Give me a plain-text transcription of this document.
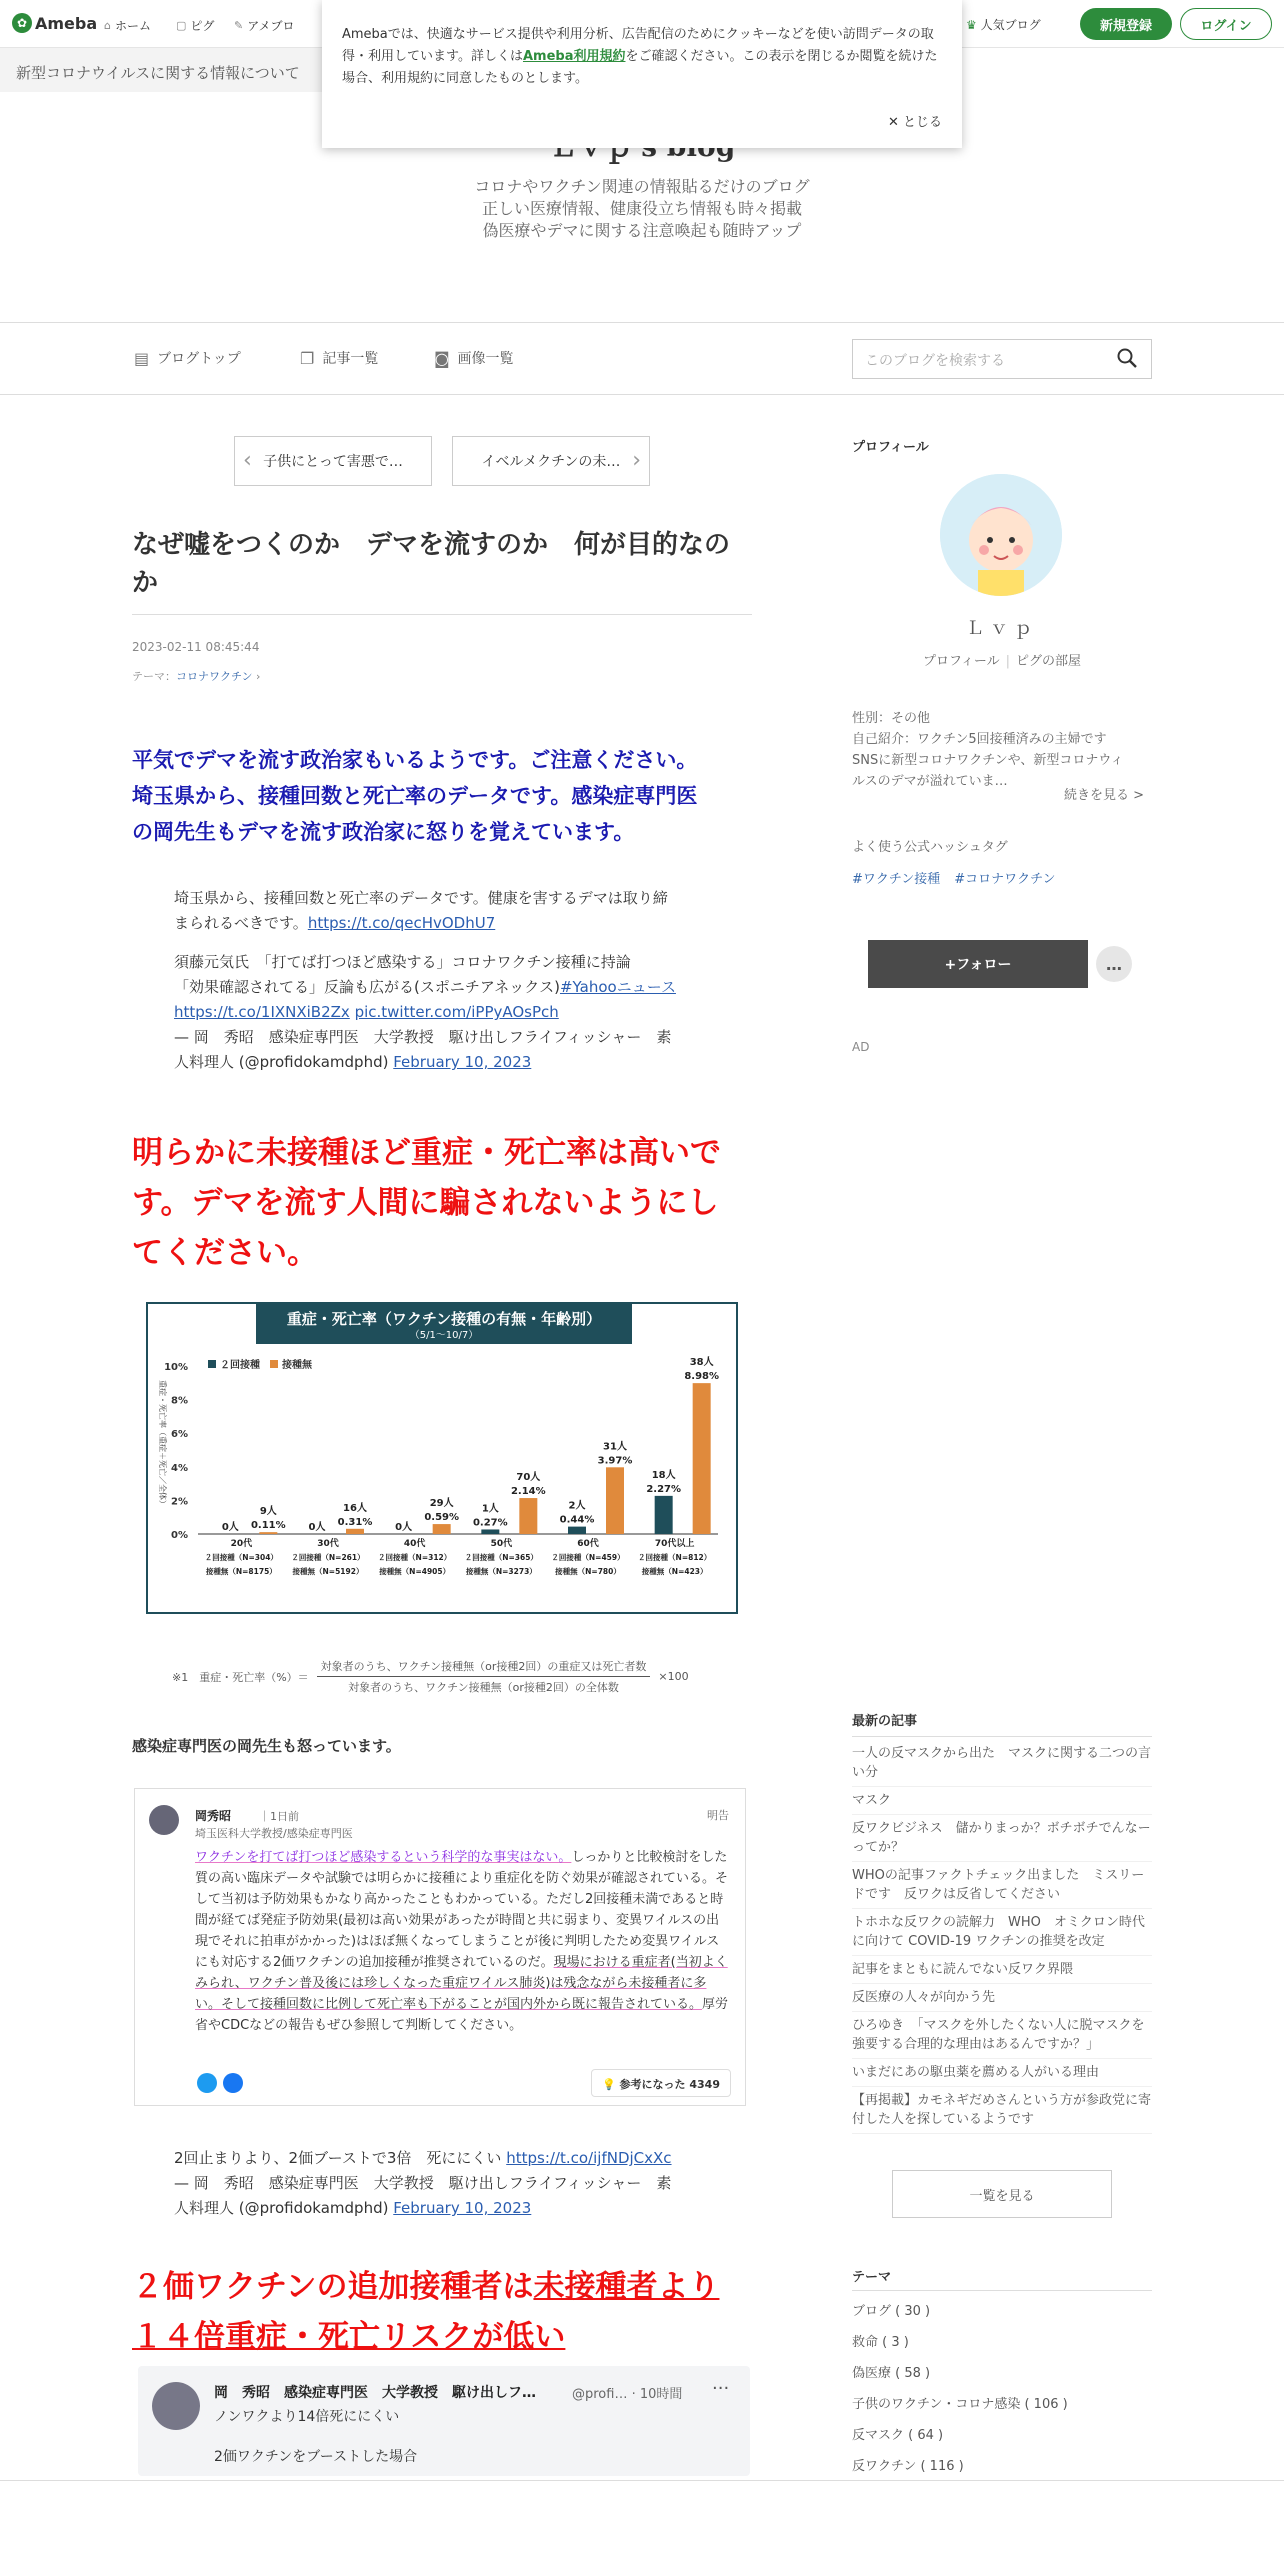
✿ Ameba ⌂ ホーム ▢ ピグ ✎ アメブロ	♛ 人気ブログ	新規登録	ログイン
新型コロナウイルスに関する情報について
Amebaでは、快適なサービス提供や利用分析、広告配信のためにクッキーなどを使い訪問データの取得・利用しています。詳しくはAmeba利用規約をご確認ください。この表示を閉じるか閲覧を続けた場合、利用規約に同意したものとします。
✕ とじる
コロナやワクチン関連の情報貼るだけのブログ
正しい医療情報、健康役立ち情報も時々掲載
偽医療やデマに関する注意喚起も随時アップ
▤ ブログトップ	❐ 記事一覧	◙ 画像一覧	このブログを検索する
‹ 子供にとって害悪で…	イベルメクチンの未… ›
なぜ嘘をつくのか　デマを流すのか　何が目的なのか
2023-02-11 08:45:44
テーマ：コロナワクチン ›
平気でデマを流す政治家もいるようです。ご注意ください。
埼玉県から、接種回数と死亡率のデータです。感染症専門医
の岡先生もデマを流す政治家に怒りを覚えています。
埼玉県から、接種回数と死亡率のデータです。健康を害するデマは取り締
まられるべきです。https://t.co/qecHvODhU7
須藤元気氏　「打てば打つほど感染する」コロナワクチン接種に持論
「効果確認されてる」反論も広がる(スポニチアネックス)#Yahooニュース
https://t.co/1IXNXiB2Zx pic.twitter.com/iPPyAOsPch
— 岡　秀昭　感染症専門医　大学教授　駆け出しフライフィッシャー　素
人料理人 (@profidokamdphd) February 10, 2023
明らかに未接種ほど重症・死亡率は高いで
す。デマを流す人間に騙されないようにし
てください。
重症・死亡率（ワクチン接種の有無・年齢別）
（5/1～10/7）
0%
2%
4%
6%
8%
10%
重症・死亡率（重症＋死亡／全体）
２回接種 接種無
0人 0.11%
9人
20代
２回接種（N=304）
接種無（N=8175）
0人 0.31%
16人
30代
２回接種（N=261）
接種無（N=5192）
0人
0.59%
29人
40代
２回接種（N=312）
接種無（N=4905）
0.27%
1人
2.14%
70人
50代
２回接種（N=365）
接種無（N=3273）
0.44%
2人
3.97%
31人
60代
２回接種（N=459）
接種無（N=780）
2.27%
18人
8.98%
38人
70代以上
２回接種（N=812）
接種無（N=423）
※1　重症・死亡率（%）＝ $\frac{\text{対象者のうち、ワクチン接種無（or接種2回）の重症又は死亡者数}}{\text{対象者のうち、ワクチン接種無（or接種2回）の全体数}} \times 100$
感染症専門医の岡先生も怒っています。
岡秀昭	｜1日前
埼玉医科大学教授/感染症専門医
明告
ワクチンを打てば打つほど感染するという科学的な事実はない。しっかりと比較検討をした質の高い臨床データや試験では明らかに接種により重症化を防ぐ効果が確認されている。そして当初は予防効果もかなり高かったこともわかっている。ただし2回接種未満であると時間が経てば発症予防効果(最初は高い効果があったが時間と共に弱まり、変異ワイルスの出現でそれに拍車がかかった)はほぼ無くなってしまうことが後に判明したため変異ワイルスにも対応する2価ワクチンの追加接種が推奨されているのだ。現場における重症者(当初よくみられ、ワクチン普及後には珍しくなった重症ワイルス肺炎)は残念ながら未接種者に多い。そして接種回数に比例して死亡率も下がることが国内外から既に報告されている。厚労省やCDCなどの報告もぜひ参照して判断してください。
💡 参考になった 4349
2回止まりより、2価ブーストで3倍　死ににくい https://t.co/ijfNDjCxXc
— 岡　秀昭　感染症専門医　大学教授　駆け出しフライフィッシャー　素
人料理人 (@profidokamdphd) February 10, 2023
２価ワクチンの追加接種者は未接種者より
１４倍重症・死亡リスクが低い
岡　秀昭　感染症専門医　大学教授　駆け出しフ…	@profi… · 10時間 ···
ノンワクより14倍死ににくい
2価ワクチンをブーストした場合
プロフィール
Ｌｖｐ
プロフィール | ピグの部屋
性別：その他
自己紹介：ワクチン5回接種済みの主婦です
SNSに新型コロナワクチンや、新型コロナウィ
ルスのデマが溢れていま…
続きを見る >
よく使う公式ハッシュタグ
#ワクチン接種 #コロナワクチン
+フォロー	…
AD
最新の記事
一人の反マスクから出た　マスクに関する二つの言い分
マスク
反ワクビジネス　儲かりまっか？ボチボチでんなーってか？
WHOの記事ファクトチェック出ました　ミスリードです　反ワクは反省してください
トホホな反ワクの読解力　WHO　オミクロン時代に向けて COVID-19 ワクチンの推奨を改定
記事をまともに読んでない反ワク界隈
反医療の人々が向かう先
ひろゆき　「マスクを外したくない人に脱マスクを強要する合理的な理由はあるんですか？」
いまだにあの駆虫薬を薦める人がいる理由
【再掲載】カモネギだめさんという方が参政党に寄付した人を探しているようです
一覧を見る
テーマ
ブログ ( 30 )
救命 ( 3 )
偽医療 ( 58 )
子供のワクチン・コロナ感染 ( 106 )
反マスク ( 64 )
反ワクチン ( 116 )
